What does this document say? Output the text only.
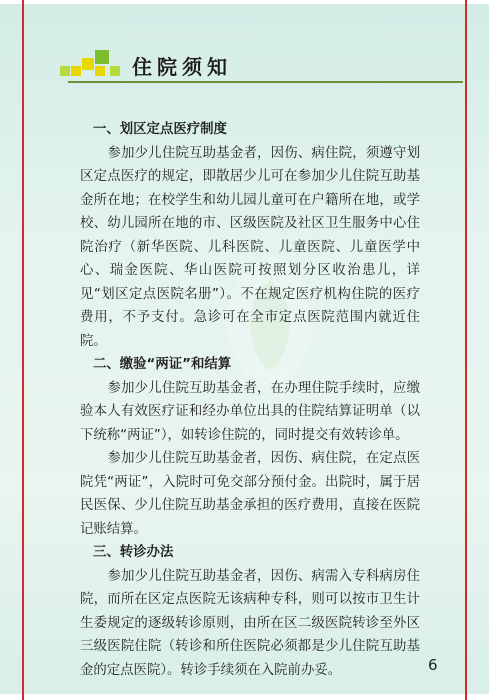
住院须知

一、划区定点医疗制度

参加少儿住院互助基金者，因伤、病住院，须遵守划区定点医疗的规定，即散居少儿可在参加少儿住院互助基金所在地；在校学生和幼儿园儿童可在户籍所在地，或学校、幼儿园所在地的市、区级医院及社区卫生服务中心住院治疗（新华医院、儿科医院、儿童医院、儿童医学中心、瑞金医院、华山医院可按照划分区收治患儿，详见“划区定点医院名册”）。不在规定医疗机构住院的医疗费用，不予支付。急诊可在全市定点医院范围内就近住院。

二、缴验“两证”和结算

参加少儿住院互助基金者，在办理住院手续时，应缴验本人有效医疗证和经办单位出具的住院结算证明单（以下统称“两证”），如转诊住院的，同时提交有效转诊单。

参加少儿住院互助基金者，因伤、病住院，在定点医院凭“两证”，入院时可免交部分预付金。出院时，属于居民医保、少儿住院互助基金承担的医疗费用，直接在医院记账结算。

三、转诊办法

参加少儿住院互助基金者，因伤、病需入专科病房住院，而所在区定点医院无该病种专科，则可以按市卫生计生委规定的逐级转诊原则，由所在区二级医院转诊至外区三级医院住院（转诊和所住医院必须都是少儿住院互助基金的定点医院）。转诊手续须在入院前办妥。	6
